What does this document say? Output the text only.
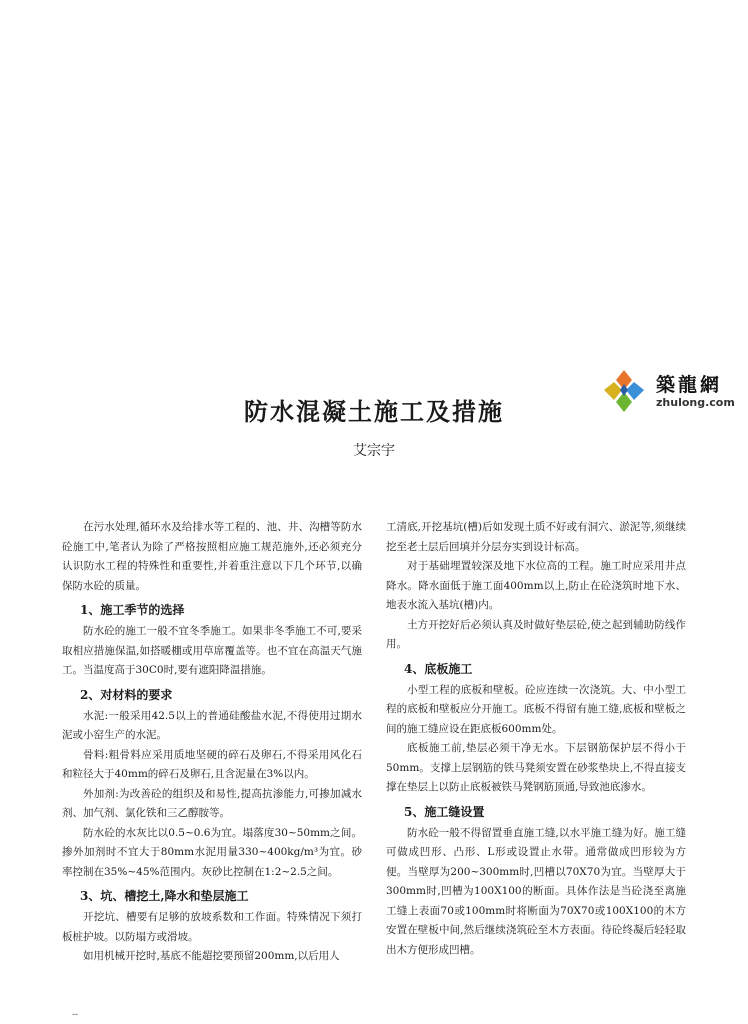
防水混凝土施工及措施
艾宗宇
築龍網
zhulong.com

在污水处理,循环水及给排水等工程的、池、井、沟槽等防水砼施工中,笔者认为除了严格按照相应施工规范施外,还必须充分认识防水工程的特殊性和重要性,并着重注意以下几个环节,以确保防水砼的质量。

1、施工季节的选择

防水砼的施工一般不宜冬季施工。如果非冬季施工不可,要采取相应措施保温,如搭暖棚或用草席覆盖等。也不宜在高温天气施工。当温度高于30C0时,要有遮阳降温措施。

2、对材料的要求

水泥:一般采用42.5以上的普通硅酸盐水泥,不得使用过期水泥或小窑生产的水泥。

骨料:粗骨料应采用质地坚硬的碎石及卵石,不得采用风化石和粒径大于40mm的碎石及卵石,且含泥量在3%以内。

外加剂:为改善砼的组织及和易性,提高抗渗能力,可掺加减水剂、加气剂、氯化铁和三乙醇胺等。

防水砼的水灰比以0.5~0.6为宜。塌落度30~50mm之间。掺外加剂时不宜大于80mm水泥用量330~400kg/m³为宜。砂率控制在35%~45%范围内。灰砂比控制在1:2~2.5之间。

3、坑、槽挖土,降水和垫层施工

开挖坑、槽要有足够的放坡系数和工作面。特殊情况下须打板桩护坡。以防塌方或滑坡。

如用机械开挖时,基底不能超挖要预留200mm,以后用人

工清底,开挖基坑(槽)后如发现土质不好或有洞穴、淤泥等,须继续挖至老土层后回填并分层夯实到设计标高。

对于基础埋置较深及地下水位高的工程。施工时应采用井点降水。降水面低于施工面400mm以上,防止在砼浇筑时地下水、地表水流入基坑(槽)内。

土方开挖好后必须认真及时做好垫层砼,使之起到辅助防线作用。

4、底板施工

小型工程的底板和壁板。砼应连续一次浇筑。大、中小型工程的底板和壁板应分开施工。底板不得留有施工缝,底板和壁板之间的施工缝应设在距底板600mm处。

底板施工前,垫层必须干净无水。下层钢筋保护层不得小于50mm。支撑上层钢筋的铁马凳须安置在砂浆垫块上,不得直接支撑在垫层上以防止底板被铁马凳钢筋顶通,导致池底渗水。

5、施工缝设置

防水砼一般不得留置垂直施工缝,以水平施工缝为好。施工缝可做成凹形、凸形、L形或设置止水带。通常做成凹形较为方便。当壁厚为200~300mm时,凹槽以70X70为宜。当壁厚大于300mm时,凹槽为100X100的断面。具体作法是当砼浇至离施工缝上表面70或100mm时将断面为70X70或100X100的木方安置在壁板中间,然后继续浇筑砼至木方表面。待砼终凝后轻轻取出木方便形成凹槽。

--
